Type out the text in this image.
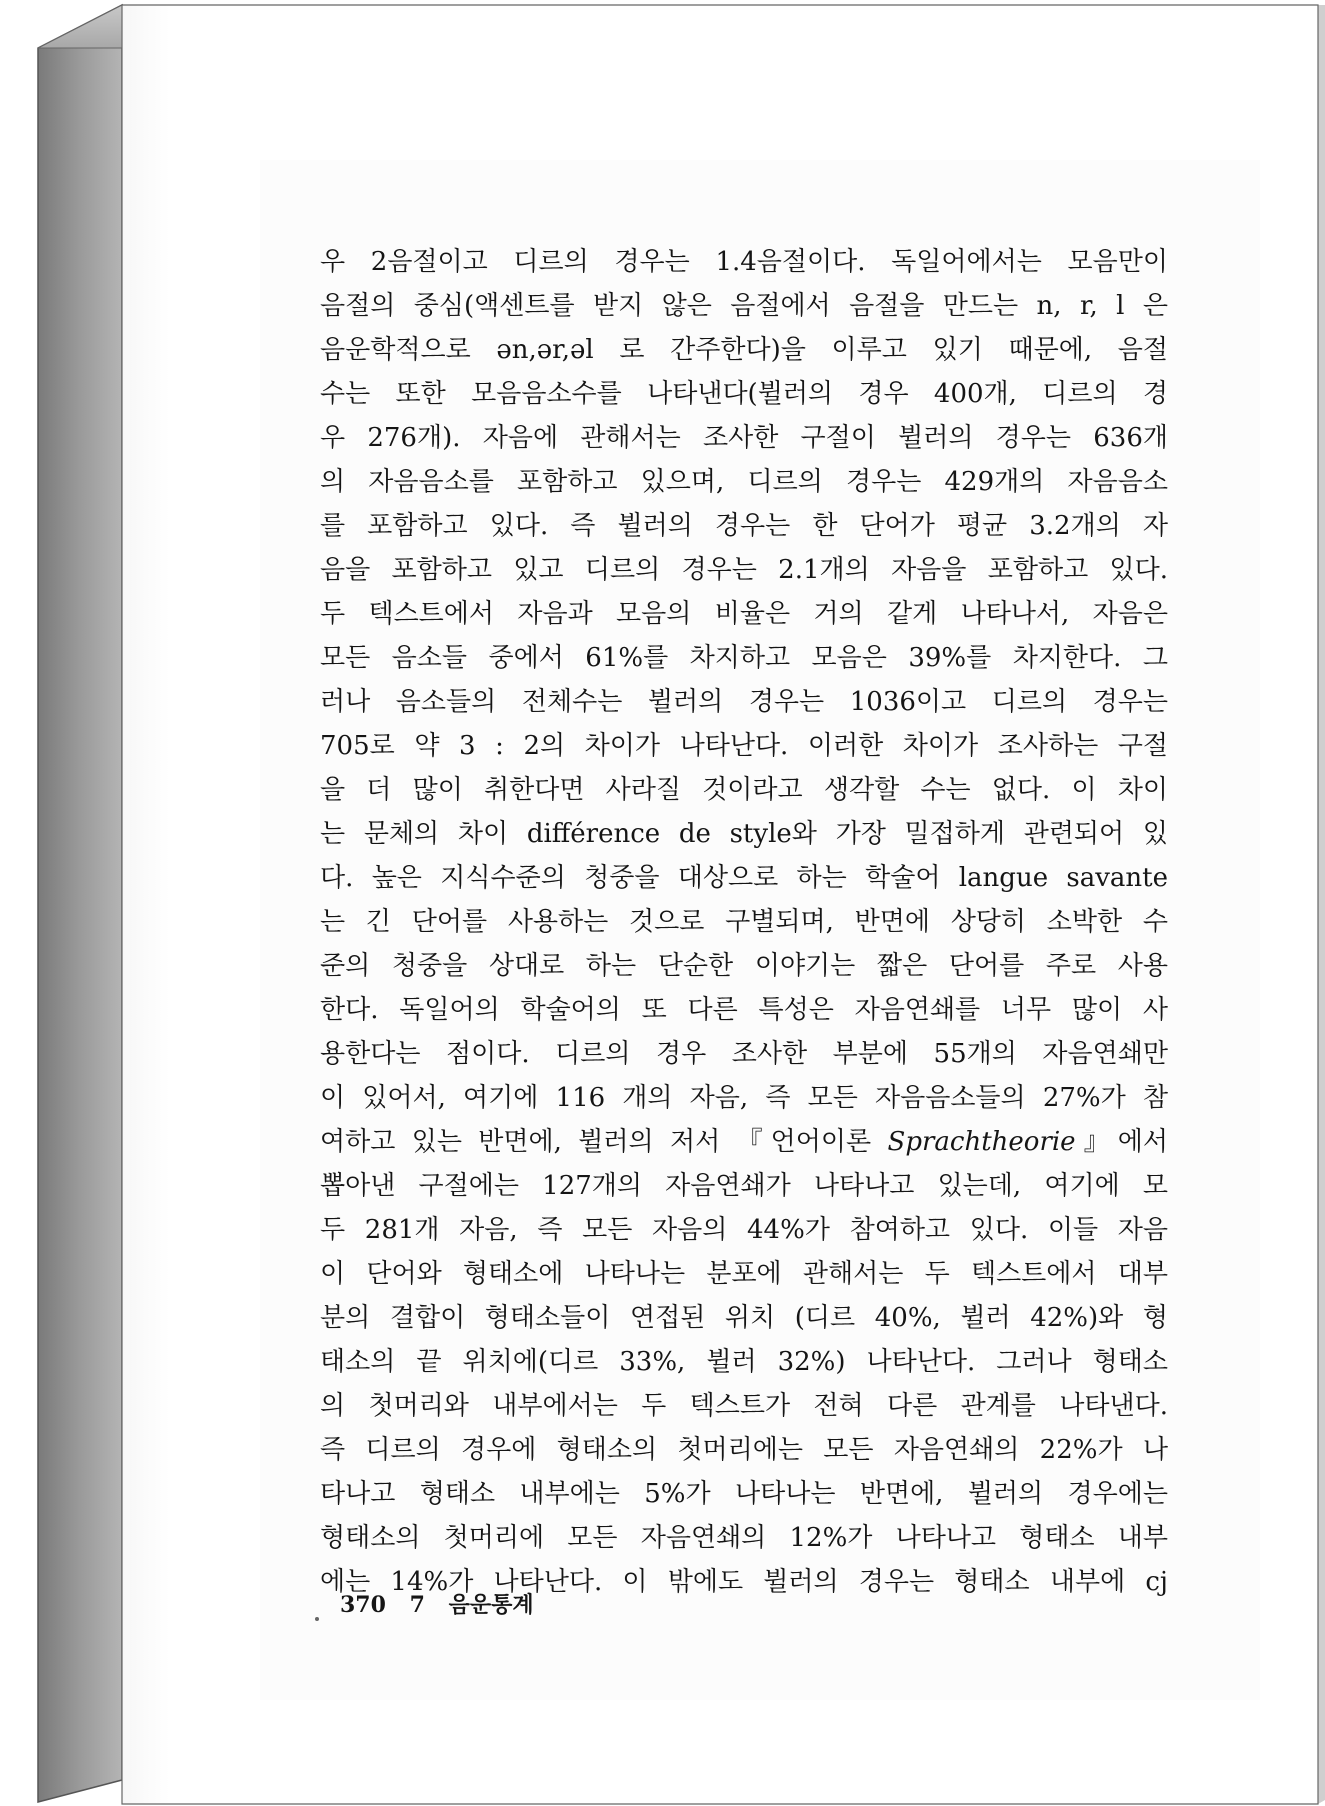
우 2음절이고 디르의 경우는 1.4음절이다. 독일어에서는 모음만이
음절의 중심(액센트를 받지 않은 음절에서 음절을 만드는 n, r, l 은
음운학적으로 ən,ər,əl 로 간주한다)을 이루고 있기 때문에, 음절
수는 또한 모음음소수를 나타낸다(뷜러의 경우 400개, 디르의 경
우 276개). 자음에 관해서는 조사한 구절이 뷜러의 경우는 636개
의 자음음소를 포함하고 있으며, 디르의 경우는 429개의 자음음소
를 포함하고 있다. 즉 뷜러의 경우는 한 단어가 평균 3.2개의 자
음을 포함하고 있고 디르의 경우는 2.1개의 자음을 포함하고 있다.
두 텍스트에서 자음과 모음의 비율은 거의 같게 나타나서, 자음은
모든 음소들 중에서 61%를 차지하고 모음은 39%를 차지한다. 그
러나 음소들의 전체수는 뷜러의 경우는 1036이고 디르의 경우는
705로 약 3 : 2의 차이가 나타난다. 이러한 차이가 조사하는 구절
을 더 많이 취한다면 사라질 것이라고 생각할 수는 없다. 이 차이
는 문체의 차이 différence de style와 가장 밀접하게 관련되어 있
다. 높은 지식수준의 청중을 대상으로 하는 학술어 langue savante
는 긴 단어를 사용하는 것으로 구별되며, 반면에 상당히 소박한 수
준의 청중을 상대로 하는 단순한 이야기는 짧은 단어를 주로 사용
한다. 독일어의 학술어의 또 다른 특성은 자음연쇄를 너무 많이 사
용한다는 점이다. 디르의 경우 조사한 부분에 55개의 자음연쇄만
이 있어서, 여기에 116 개의 자음, 즉 모든 자음음소들의 27%가 참
여하고 있는 반면에, 뷜러의 저서 『언어이론 Sprachtheorie』에서
뽑아낸 구절에는 127개의 자음연쇄가 나타나고 있는데, 여기에 모
두 281개 자음, 즉 모든 자음의 44%가 참여하고 있다. 이들 자음
이 단어와 형태소에 나타나는 분포에 관해서는 두 텍스트에서 대부
분의 결합이 형태소들이 연접된 위치 (디르 40%, 뷜러 42%)와 형
태소의 끝 위치에(디르 33%, 뷜러 32%) 나타난다. 그러나 형태소
의 첫머리와 내부에서는 두 텍스트가 전혀 다른 관계를 나타낸다.
즉 디르의 경우에 형태소의 첫머리에는 모든 자음연쇄의 22%가 나
타나고 형태소 내부에는 5%가 나타나는 반면에, 뷜러의 경우에는
형태소의 첫머리에 모든 자음연쇄의 12%가 나타나고 형태소 내부
에는 14%가 나타난다. 이 밖에도 뷜러의 경우는 형태소 내부에 cj
370 7 음운통계
